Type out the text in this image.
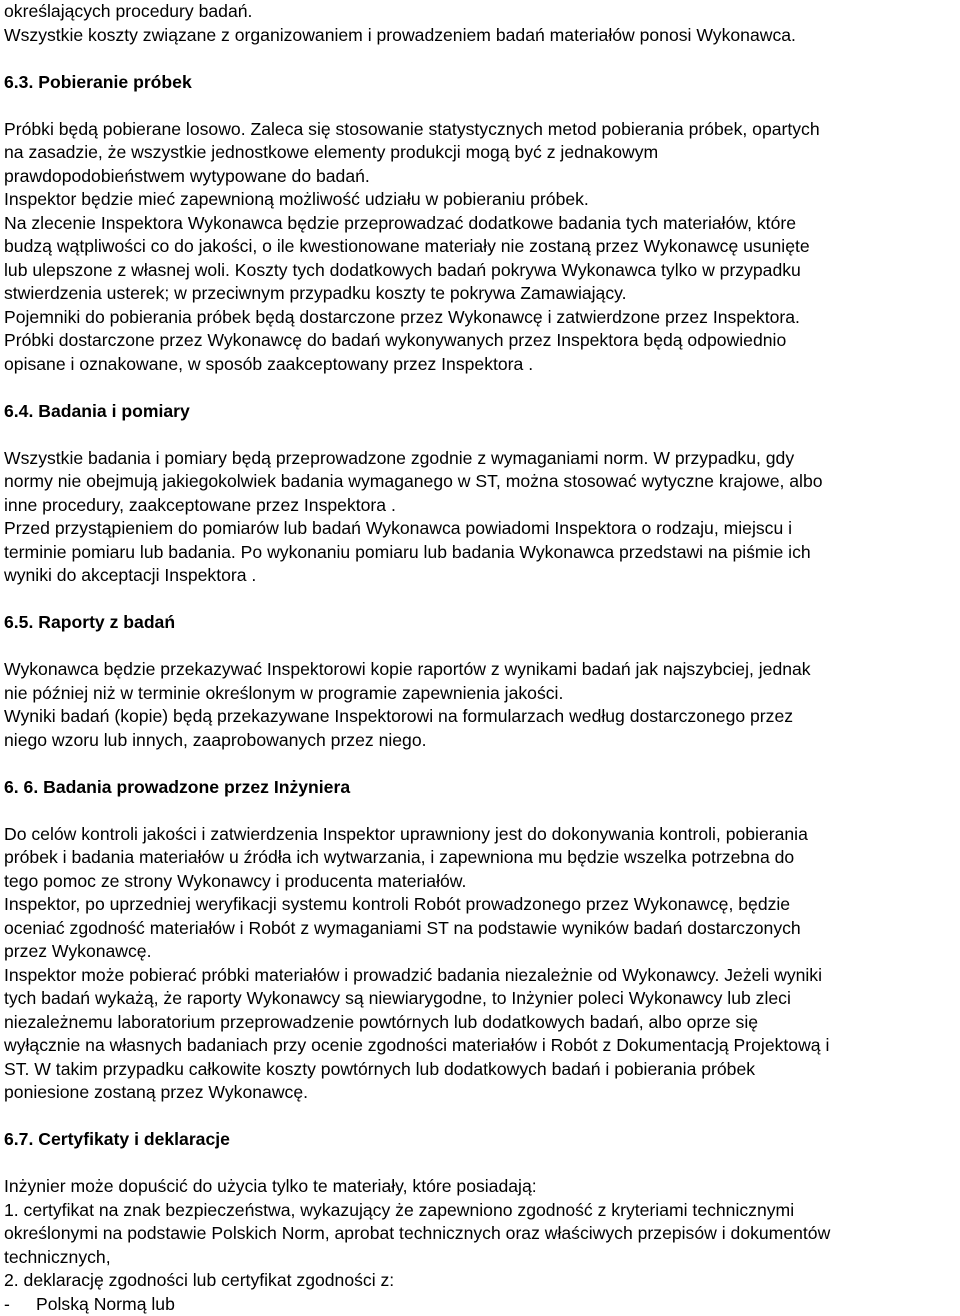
określających procedury badań.
Wszystkie koszty związane z organizowaniem i prowadzeniem badań materiałów ponosi Wykonawca.
6.3. Pobieranie próbek
Próbki będą pobierane losowo. Zaleca się stosowanie statystycznych metod pobierania próbek, opartych
na zasadzie, że wszystkie jednostkowe elementy produkcji mogą być z jednakowym
prawdopodobieństwem wytypowane do badań.
Inspektor będzie mieć zapewnioną możliwość udziału w pobieraniu próbek.
Na zlecenie Inspektora Wykonawca będzie przeprowadzać dodatkowe badania tych materiałów, które
budzą wątpliwości co do jakości, o ile kwestionowane materiały nie zostaną przez Wykonawcę usunięte
lub ulepszone z własnej woli. Koszty tych dodatkowych badań pokrywa Wykonawca tylko w przypadku
stwierdzenia usterek; w przeciwnym przypadku koszty te pokrywa Zamawiający.
Pojemniki do pobierania próbek będą dostarczone przez Wykonawcę i zatwierdzone przez Inspektora.
Próbki dostarczone przez Wykonawcę do badań wykonywanych przez Inspektora będą odpowiednio
opisane i oznakowane, w sposób zaakceptowany przez Inspektora .
6.4. Badania i pomiary
Wszystkie badania i pomiary będą przeprowadzone zgodnie z wymaganiami norm. W przypadku, gdy
normy nie obejmują jakiegokolwiek badania wymaganego w ST, można stosować wytyczne krajowe, albo
inne procedury, zaakceptowane przez Inspektora .
Przed przystąpieniem do pomiarów lub badań Wykonawca powiadomi Inspektora o rodzaju, miejscu i
terminie pomiaru lub badania. Po wykonaniu pomiaru lub badania Wykonawca przedstawi na piśmie ich
wyniki do akceptacji Inspektora .
6.5. Raporty z badań
Wykonawca będzie przekazywać Inspektorowi kopie raportów z wynikami badań jak najszybciej, jednak
nie później niż w terminie określonym w programie zapewnienia jakości.
Wyniki badań (kopie) będą przekazywane Inspektorowi na formularzach według dostarczonego przez
niego wzoru lub innych, zaaprobowanych przez niego.
6. 6. Badania prowadzone przez Inżyniera
Do celów kontroli jakości i zatwierdzenia Inspektor uprawniony jest do dokonywania kontroli, pobierania
próbek i badania materiałów u źródła ich wytwarzania, i zapewniona mu będzie wszelka potrzebna do
tego pomoc ze strony Wykonawcy i producenta materiałów.
Inspektor, po uprzedniej weryfikacji systemu kontroli Robót prowadzonego przez Wykonawcę, będzie
oceniać zgodność materiałów i Robót z wymaganiami ST na podstawie wyników badań dostarczonych
przez Wykonawcę.
Inspektor może pobierać próbki materiałów i prowadzić badania niezależnie od Wykonawcy. Jeżeli wyniki
tych badań wykażą, że raporty Wykonawcy są niewiarygodne, to Inżynier poleci Wykonawcy lub zleci
niezależnemu laboratorium przeprowadzenie powtórnych lub dodatkowych badań, albo oprze się
wyłącznie na własnych badaniach przy ocenie zgodności materiałów i Robót z Dokumentacją Projektową i
ST. W takim przypadku całkowite koszty powtórnych lub dodatkowych badań i pobierania próbek
poniesione zostaną przez Wykonawcę.
6.7. Certyfikaty i deklaracje
Inżynier może dopuścić do użycia tylko te materiały, które posiadają:
1. certyfikat na znak bezpieczeństwa, wykazujący że zapewniono zgodność z kryteriami technicznymi
określonymi na podstawie Polskich Norm, aprobat technicznych oraz właściwych przepisów i dokumentów
technicznych,
2. deklarację zgodności lub certyfikat zgodności z:
- Polską Normą lub
